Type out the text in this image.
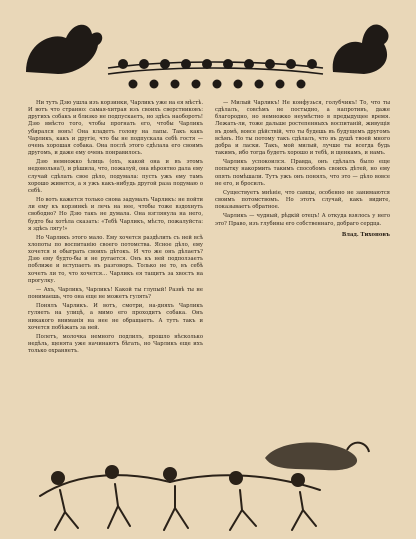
Ни тутъ Дзю ушла изъ корзинки, Чарликъ уже на ея мѣстѣ. И вотъ что странно: самая-хитрая изъ своихъ сверстниковъ: другихъ собакъ и близко не подпускаетъ, но здѣсь наоборотъ! Дзю вмѣсто того, чтобы прогнать его, чтобы Чарликъ убирался вонъ! Она кладетъ голову на лапы. Такъ какъ Чарликъ, какъ и другіе, что бы не подпускала себѣ гостя — очень хорошая собака. Она послѣ этого сдѣлала его своимъ другомъ, и даже ему очень понравилось.

Дзю немножко ѣлиць (охъ, какой она и въ этомъ недовольна!), и рѣшила, что, пожалуй, она вѣроятно дала ему случай сдѣлать свое дѣло, подумала: пусть ужъ ему тамъ хорошо живется, а я ужъ какъ-нибудь другой раза подумаю о себѣ.

Но вотъ кажется только снова задумалъ Чарликъ: не пойти ли ему къ корзинкѣ и лечь на нее, чтобы тоже вздохнуть свободно? Но Дзю такъ не думала. Она взглянула на него, будто бы хотѣла сказать: «Тебѣ Чарликъ, мѣсто, пожалуйста: я здѣсь лягу!»

Но Чарликъ этого мало. Ему хочется раздѣлить съ ней всѣ хлопоты по воспитанію своего потомства. Ясное дѣло, ему хочется и обыграть своихъ дѣтокъ. И что же онъ дѣлаетъ? Дзю ему будто-бы и не ругается. Онъ къ ней подползаетъ поближе и вступаетъ въ разговоръ. Только не то, въ себѣ хочетъ ли то, что хочется… Чарликъ ея тащитъ за хвостъ на прогулку.

— Ахъ, Чарликъ, Чарликъ! Какой ты глупый! Развѣ ты не понимаешь, что она еще не можетъ гулять?

Понялъ Чарликъ. И вотъ, смотри, на-дняхъ Чарликъ гуляетъ на улицѣ, а мимо его проходитъ собака. Онъ никакого вниманія на нее не обращаетъ. А тутъ такъ и хочется побѣжать за ней.

Полетъ, молочка немного подлилъ, прошло нѣсколько недѣль, щенята уже начинаютъ бѣгать, но Чарликъ еще ихъ только охраняетъ.

— Милый Чарликъ! Не конфузься, голубчикъ! То, что ты сдѣлалъ, совсѣмъ не постыдно, а напротивъ, даже благородно, но немножко неумѣстно в предыдущее время. Лежать-ли, тоже дальше ростепенныхъ воспитаній, живущія въ домѣ, вовсе дѣйствій, что ты будешь въ будущемъ другомъ всѣмъ. Но ты потому такъ сдѣлалъ, что въ душѣ твоей много добра и ласки. Такъ, мой милый, лучше ты всегда будь такимъ, ибо тогда будетъ хорошо и тебѣ, и щенкамъ, и намъ.

Чарликъ успокоился. Правда, онъ сдѣлалъ было еще попытку накормить такимъ способомъ своихъ дѣтей, но ему опять помѣшали. Тутъ ужъ онъ понялъ, что это — дѣло вовсе не его, и бросилъ.

Существуетъ мнѣніе, что самцы, особенно не занимаются своимъ потомствомъ. Но этотъ случай, какъ видите, показываетъ обратное.

Чарликъ — чудный, рѣдкій отецъ! А откуда взялось у него это? Право, изъ глубины его собственнаго, добраго сердца.

Влад. Тихоновъ
